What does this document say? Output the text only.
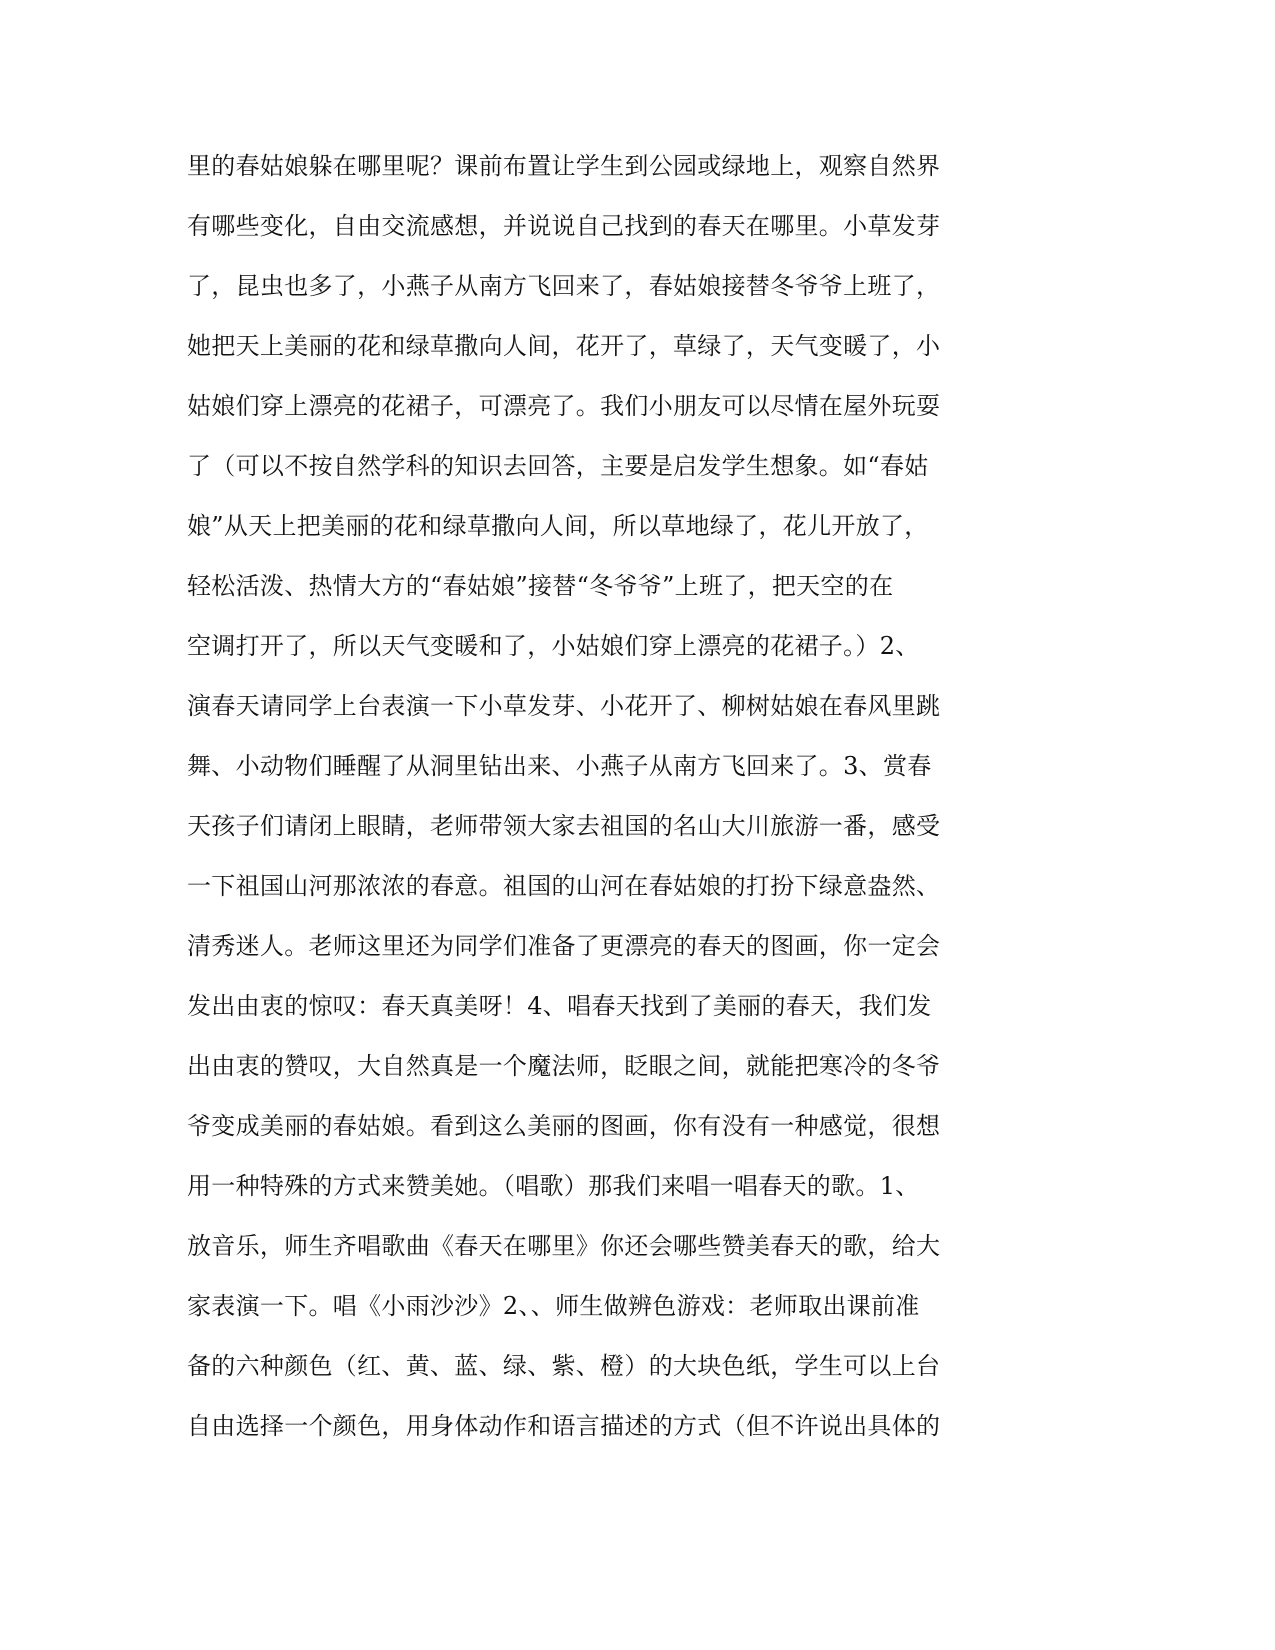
里的春姑娘躲在哪里呢？课前布置让学生到公园或绿地上，观察自然界
有哪些变化，自由交流感想，并说说自己找到的春天在哪里。小草发芽
了，昆虫也多了，小燕子从南方飞回来了，春姑娘接替冬爷爷上班了，
她把天上美丽的花和绿草撒向人间，花开了，草绿了，天气变暖了，小
姑娘们穿上漂亮的花裙子，可漂亮了。我们小朋友可以尽情在屋外玩耍
了（可以不按自然学科的知识去回答，主要是启发学生想象。如“春姑
娘”从天上把美丽的花和绿草撒向人间，所以草地绿了，花儿开放了，
轻松活泼、热情大方的“春姑娘”接替“冬爷爷”上班了，把天空的在
空调打开了，所以天气变暖和了，小姑娘们穿上漂亮的花裙子。）2、
演春天请同学上台表演一下小草发芽、小花开了、柳树姑娘在春风里跳
舞、小动物们睡醒了从洞里钻出来、小燕子从南方飞回来了。3、赏春
天孩子们请闭上眼睛，老师带领大家去祖国的名山大川旅游一番，感受
一下祖国山河那浓浓的春意。祖国的山河在春姑娘的打扮下绿意盎然、
清秀迷人。老师这里还为同学们准备了更漂亮的春天的图画，你一定会
发出由衷的惊叹：春天真美呀！4、唱春天找到了美丽的春天，我们发
出由衷的赞叹，大自然真是一个魔法师，眨眼之间，就能把寒冷的冬爷
爷变成美丽的春姑娘。看到这么美丽的图画，你有没有一种感觉，很想
用一种特殊的方式来赞美她。（唱歌）那我们来唱一唱春天的歌。1、
放音乐，师生齐唱歌曲《春天在哪里》你还会哪些赞美春天的歌，给大
家表演一下。唱《小雨沙沙》2、、师生做辨色游戏：老师取出课前准
备的六种颜色（红、黄、蓝、绿、紫、橙）的大块色纸，学生可以上台
自由选择一个颜色，用身体动作和语言描述的方式（但不许说出具体的
